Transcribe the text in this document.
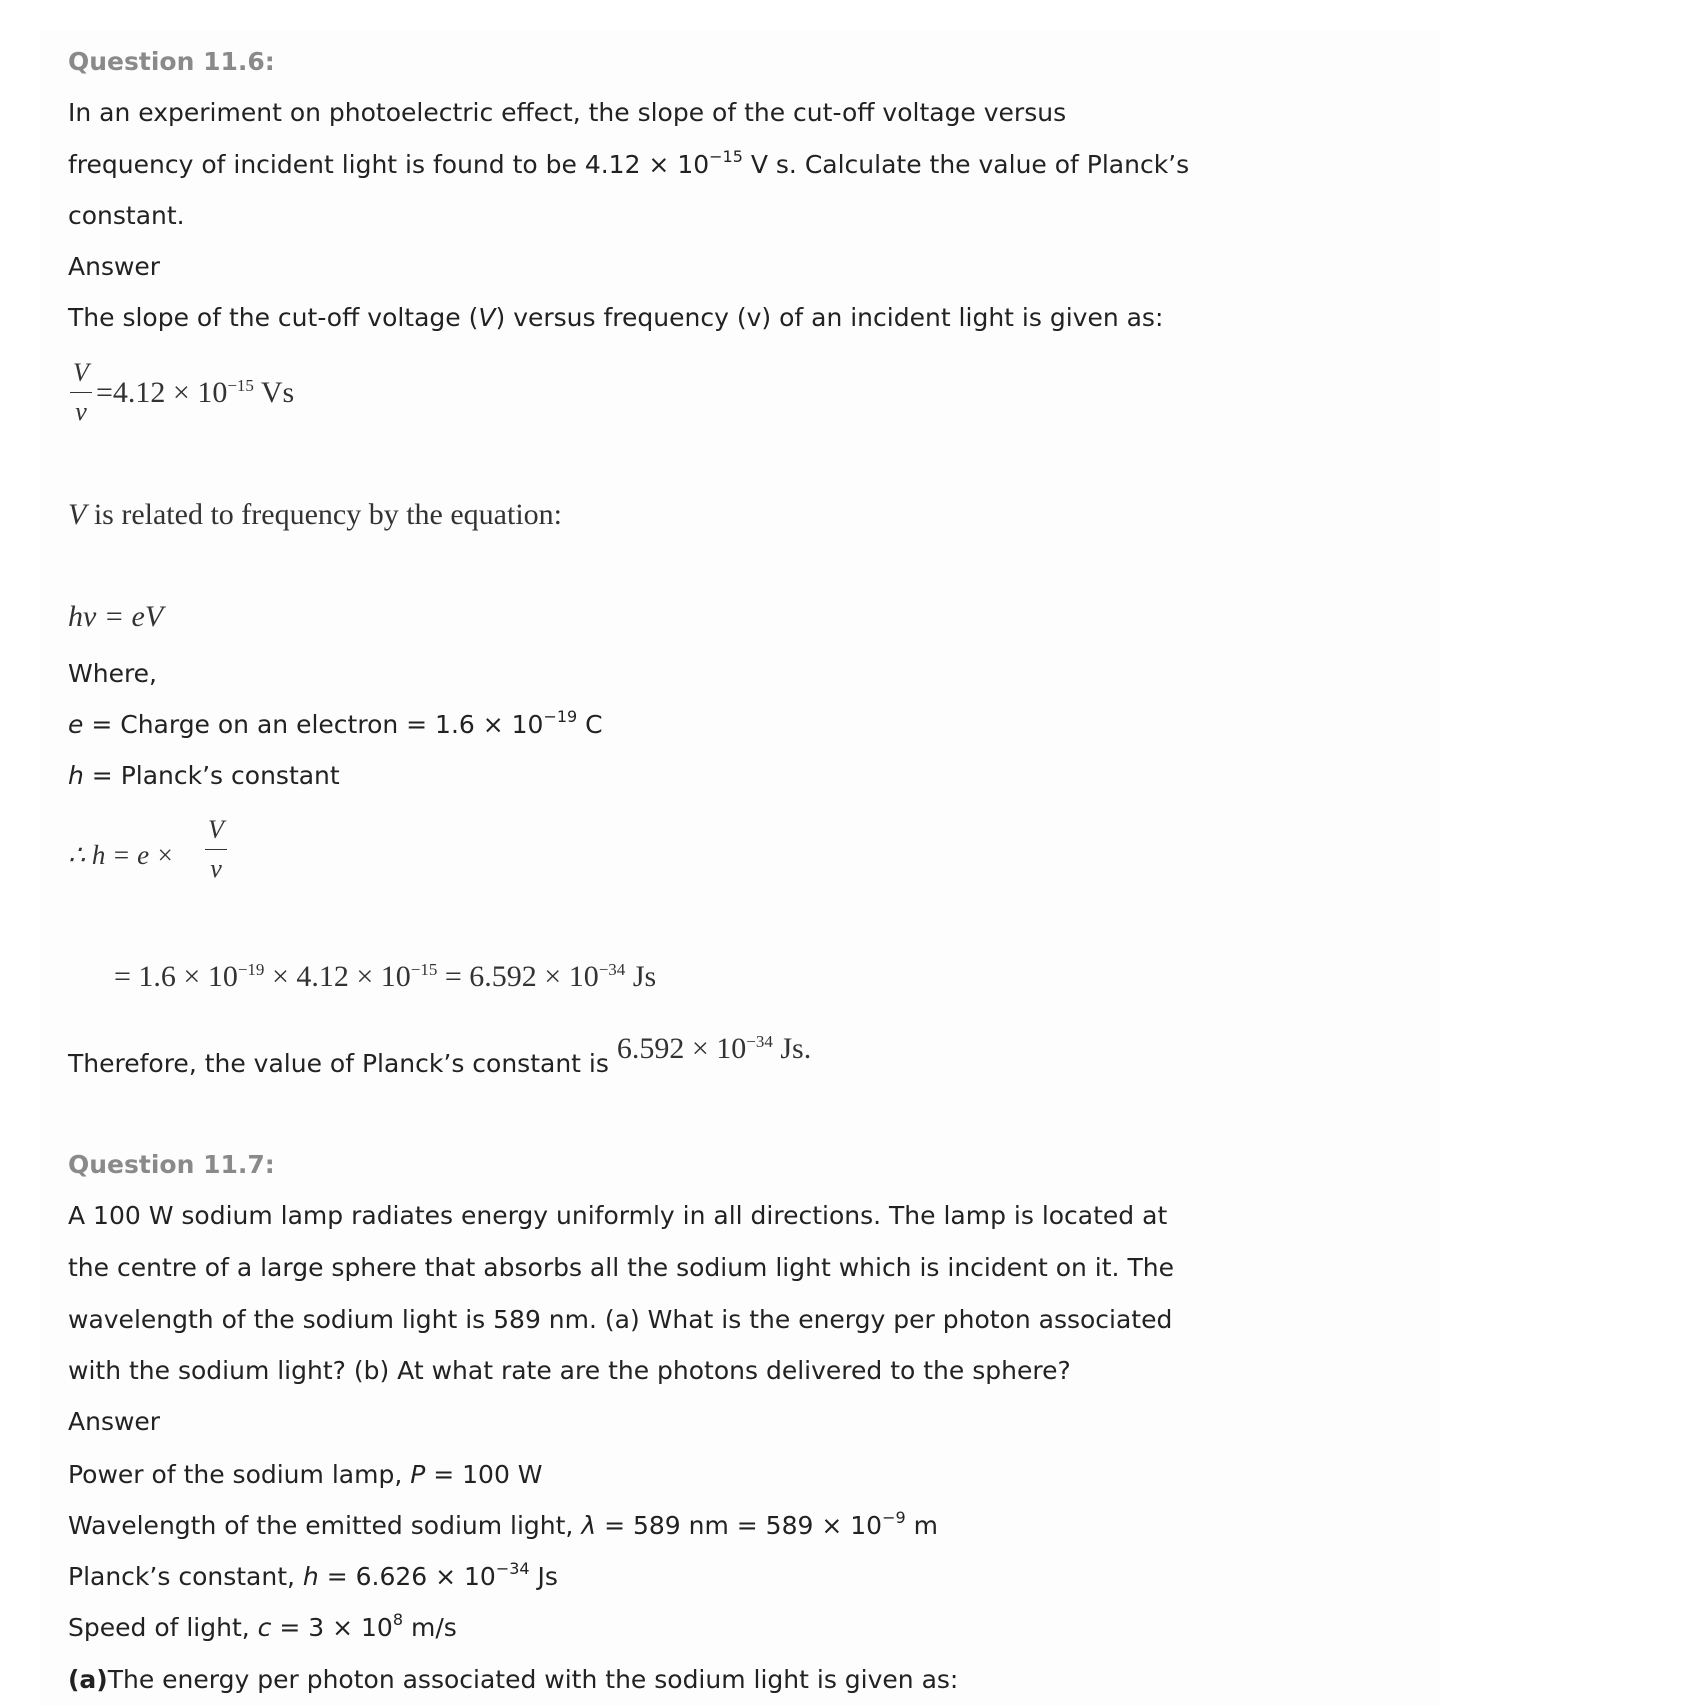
Question 11.6:
In an experiment on photoelectric effect, the slope of the cut-off voltage versus
frequency of incident light is found to be $4.12 \times 10^{-15}$ V s. Calculate the value of Planck’s
constant.
Answer
The slope of the cut-off voltage (V) versus frequency (v) of an incident light is given as:
V
ν
$=4.12 \times 10^{-15}$ Vs
V is related to frequency by the equation:
hν = eV
Where,
e = Charge on an electron = $1.6 \times 10^{-19}$ C
h = Planck’s constant
∴ h = e ×
V
ν
= $1.6 \times 10^{-19} \times 4.12 \times 10^{-15} = 6.592 \times 10^{-34}$ Js
Therefore, the value of Planck’s constant is $6.592 \times 10^{-34}$ Js.
Question 11.7:
A 100 W sodium lamp radiates energy uniformly in all directions. The lamp is located at
the centre of a large sphere that absorbs all the sodium light which is incident on it. The
wavelength of the sodium light is 589 nm. (a) What is the energy per photon associated
with the sodium light? (b) At what rate are the photons delivered to the sphere?
Answer
Power of the sodium lamp, P = 100 W
Wavelength of the emitted sodium light, λ = 589 nm = $589 \times 10^{-9}$ m
Planck’s constant, $h = 6.626 \times 10^{-34}$ Js
Speed of light, $c = 3 \times 10^8$ m/s
(a)The energy per photon associated with the sodium light is given as:
